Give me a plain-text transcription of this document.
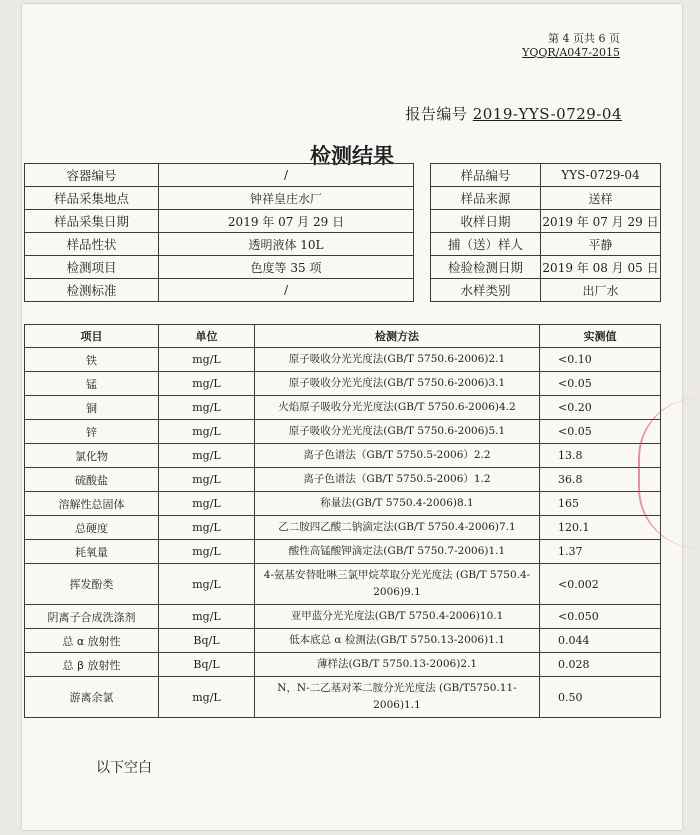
第 4 页共 6 页
YQQR/A047-2015
报告编号 2019-YYS-0729-04
检测结果
容器编号	/		样品编号	YYS-0729-04
样品采集地点	钟祥皇庄水厂		样品来源	送样
样品采集日期	2019 年 07 月 29 日		收样日期	2019 年 07 月 29 日
样品性状	透明液体 10L		捕（送）样人	平静
检测项目	色度等 35 项		检验检测日期	2019 年 08 月 05 日
检测标准	/		水样类别	出厂水
项目	单位	检测方法	实测值
铁	mg/L	原子吸收分光光度法(GB/T 5750.6-2006)2.1	<0.10
锰	mg/L	原子吸收分光光度法(GB/T 5750.6-2006)3.1	<0.05
铜	mg/L	火焰原子吸收分光光度法(GB/T 5750.6-2006)4.2	<0.20
锌	mg/L	原子吸收分光光度法(GB/T 5750.6-2006)5.1	<0.05
氯化物	mg/L	离子色谱法（GB/T 5750.5-2006）2.2	13.8
硫酸盐	mg/L	离子色谱法（GB/T 5750.5-2006）1.2	36.8
溶解性总固体	mg/L	称量法(GB/T 5750.4-2006)8.1	165
总硬度	mg/L	乙二胺四乙酸二钠滴定法(GB/T 5750.4-2006)7.1	120.1
耗氧量	mg/L	酸性高锰酸钾滴定法(GB/T 5750.7-2006)1.1	1.37
挥发酚类	mg/L	4-氨基安替吡啉三氯甲烷萃取分光光度法 (GB/T 5750.4-2006)9.1	<0.002
阴离子合成洗涤剂	mg/L	亚甲蓝分光光度法(GB/T 5750.4-2006)10.1	<0.050
总 α 放射性	Bq/L	低本底总 α 检测法(GB/T 5750.13-2006)1.1	0.044
总 β 放射性	Bq/L	薄样法(GB/T 5750.13-2006)2.1	0.028
游离余氯	mg/L	N，N-二乙基对苯二胺分光光度法 (GB/T5750.11-2006)1.1	0.50
以下空白
